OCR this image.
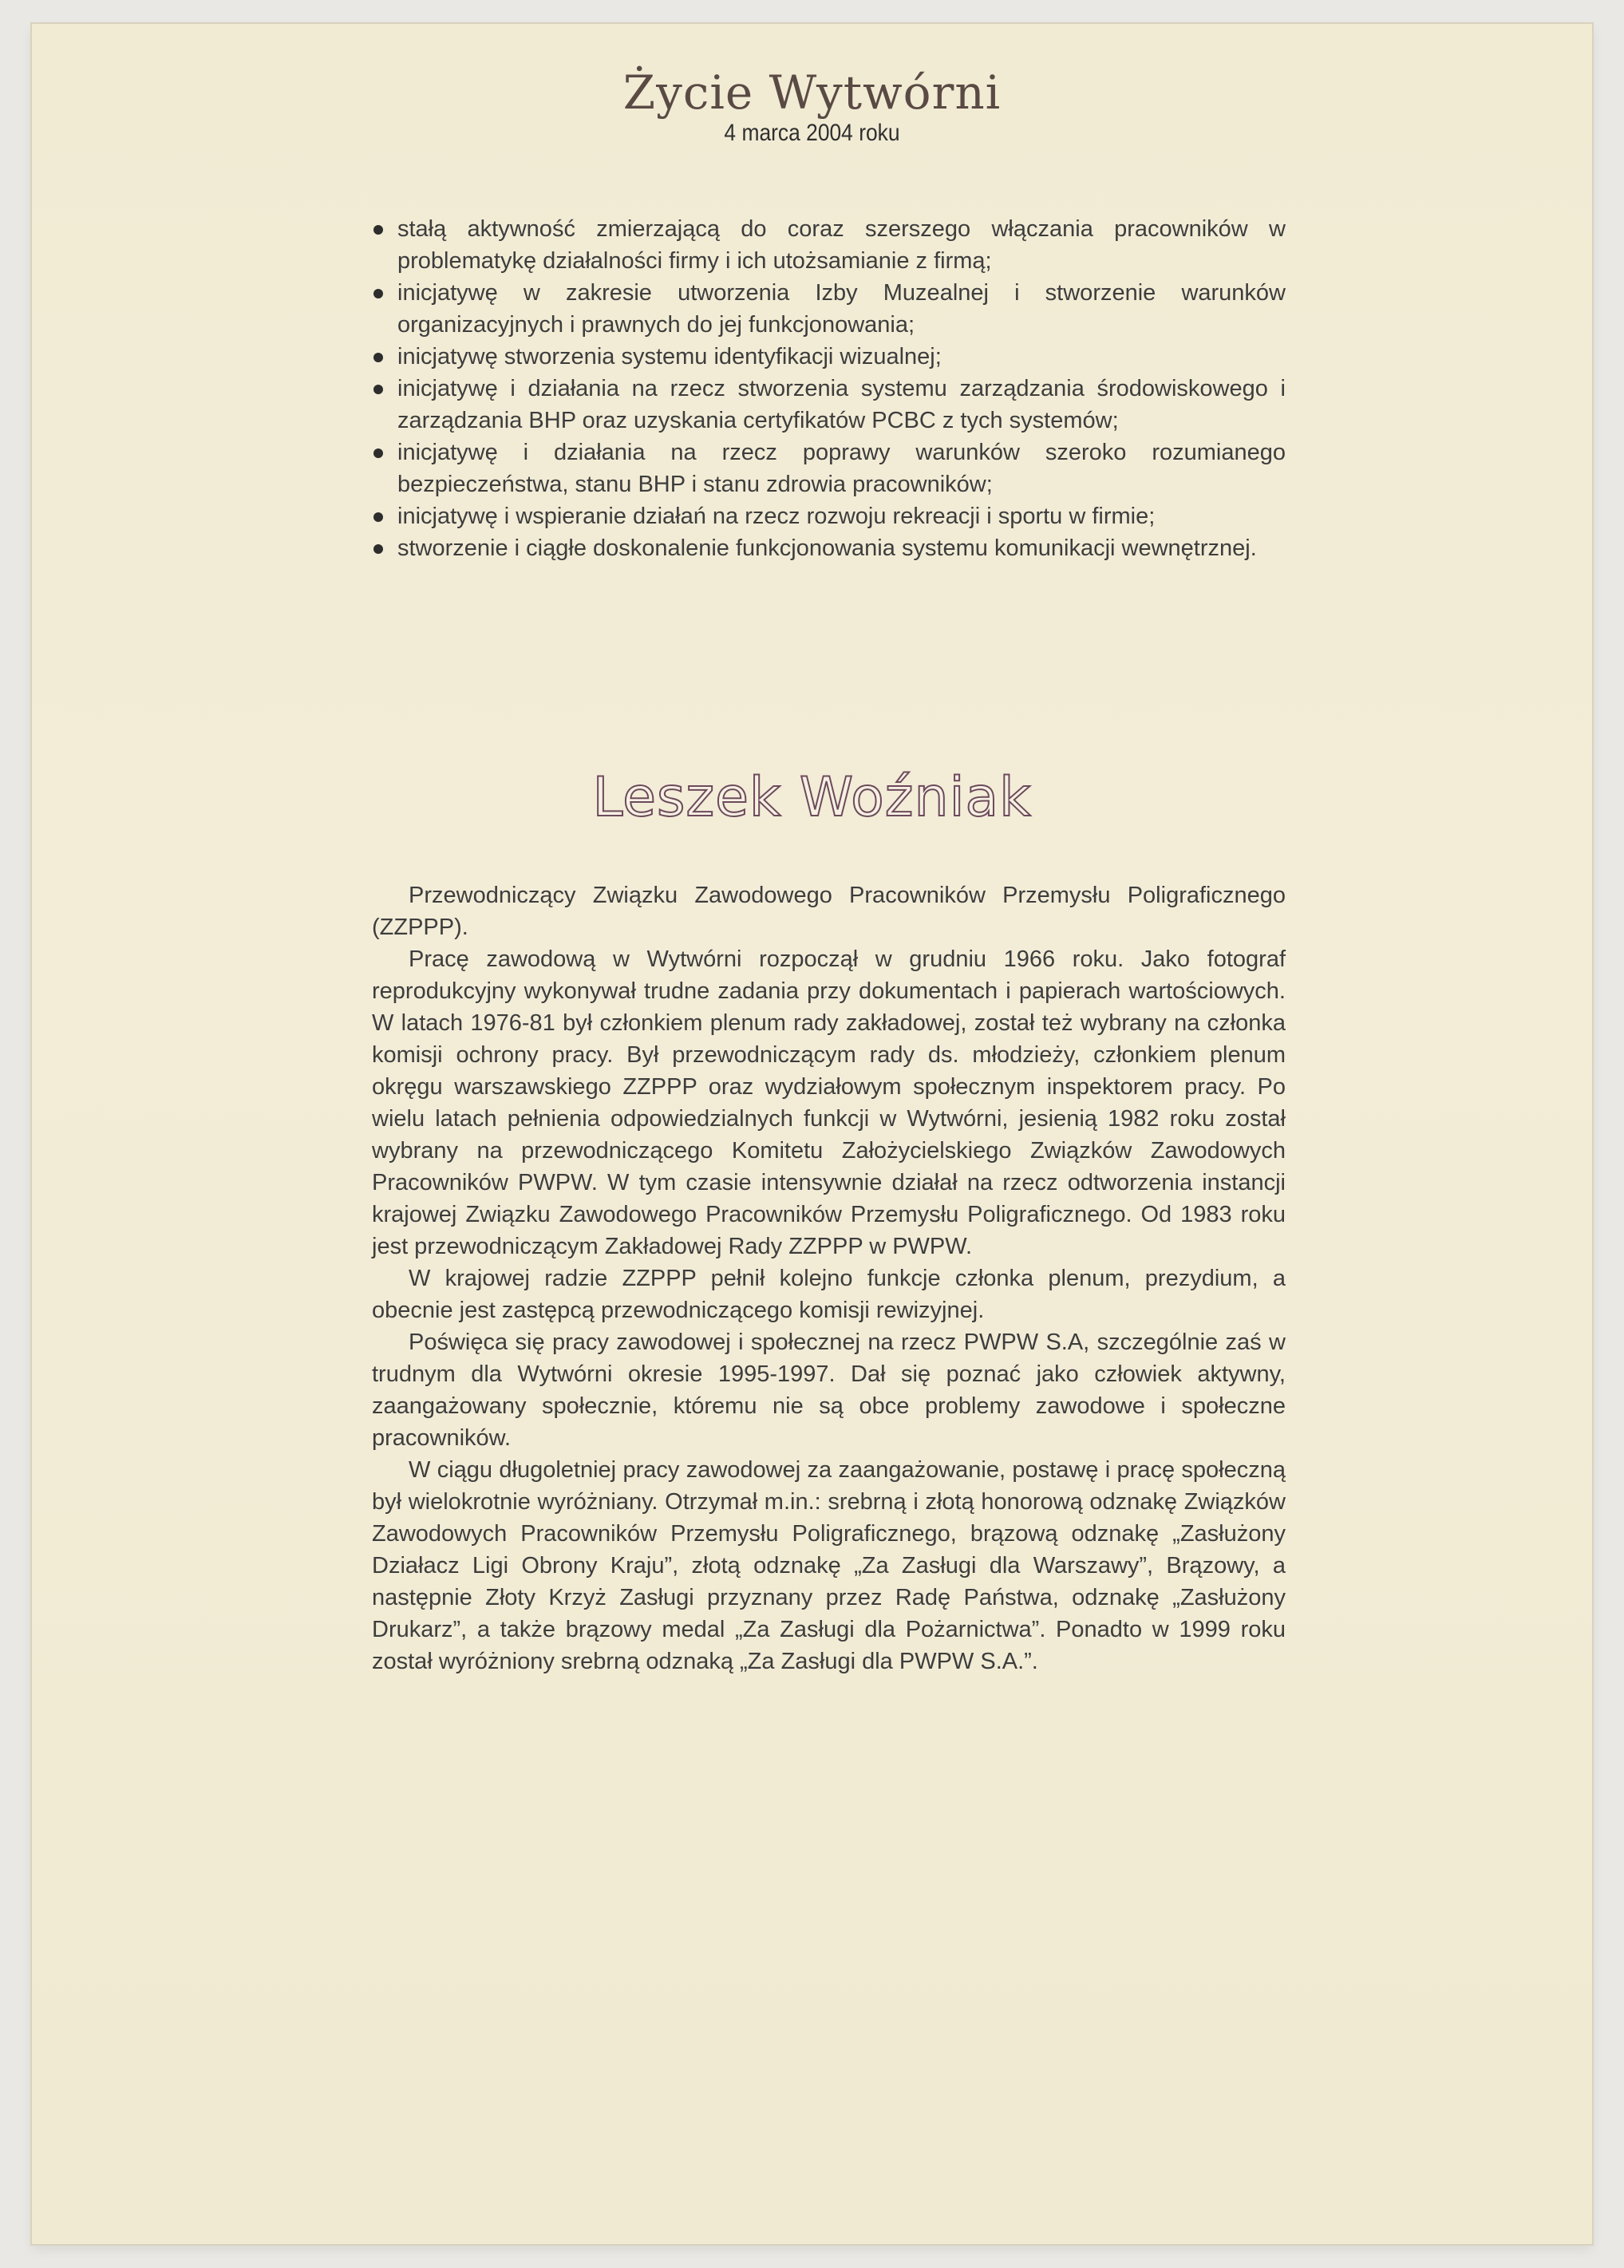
Życie Wytwórni
4 marca 2004 roku
stałą aktywność zmierzającą do coraz szerszego włączania pracowników w problematykę działalności firmy i ich utożsamianie z firmą;
inicjatywę w zakresie utworzenia Izby Muzealnej i stworzenie warunków organizacyjnych i prawnych do jej funkcjonowania;
inicjatywę stworzenia systemu identyfikacji wizualnej;
inicjatywę i działania na rzecz stworzenia systemu zarządzania środowiskowego i zarządzania BHP oraz uzyskania certyfikatów PCBC z tych systemów;
inicjatywę i działania na rzecz poprawy warunków szeroko rozumianego bezpieczeństwa, stanu BHP i stanu zdrowia pracowników;
inicjatywę i wspieranie działań na rzecz rozwoju rekreacji i sportu w firmie;
stworzenie i ciągłe doskonalenie funkcjonowania systemu komunikacji wewnętrznej.
Leszek Woźniak

Przewodniczący Związku Zawodowego Pracowników Przemysłu Poligraficznego (ZZPPP).

Pracę zawodową w Wytwórni rozpoczął w grudniu 1966 roku. Jako fotograf reprodukcyjny wykonywał trudne zadania przy dokumentach i papierach wartościowych. W latach 1976-81 był członkiem plenum rady zakładowej, został też wybrany na członka komisji ochrony pracy. Był przewodniczącym rady ds. młodzieży, członkiem plenum okręgu warszawskiego ZZPPP oraz wydziałowym społecznym inspektorem pracy. Po wielu latach pełnienia odpowiedzialnych funkcji w Wytwórni, jesienią 1982 roku został wybrany na przewodniczącego Komitetu Założycielskiego Związków Zawodowych Pracowników PWPW. W tym czasie intensywnie działał na rzecz odtworzenia instancji krajowej Związku Zawodowego Pracowników Przemysłu Poligraficznego. Od 1983 roku jest przewodniczącym Zakładowej Rady ZZPPP w PWPW.

W krajowej radzie ZZPPP pełnił kolejno funkcje członka plenum, prezydium, a obecnie jest zastępcą przewodniczącego komisji rewizyjnej.

Poświęca się pracy zawodowej i społecznej na rzecz PWPW S.A, szczególnie zaś w trudnym dla Wytwórni okresie 1995-1997. Dał się poznać jako człowiek aktywny, zaangażowany społecznie, któremu nie są obce problemy zawodowe i społeczne pracowników.

W ciągu długoletniej pracy zawodowej za zaangażowanie, postawę i pracę społeczną był wielokrotnie wyróżniany. Otrzymał m.in.: srebrną i złotą honorową odznakę Związków Zawodowych Pracowników Przemysłu Poligraficznego, brązową odznakę „Zasłużony Działacz Ligi Obrony Kraju”, złotą odznakę „Za Zasługi dla Warszawy”, Brązowy, a następnie Złoty Krzyż Zasługi przyznany przez Radę Państwa, odznakę „Zasłużony Drukarz”, a także brązowy medal „Za Zasługi dla Pożarnictwa”. Ponadto w 1999 roku został wyróżniony srebrną odznaką „Za Zasługi dla PWPW S.A.”.
